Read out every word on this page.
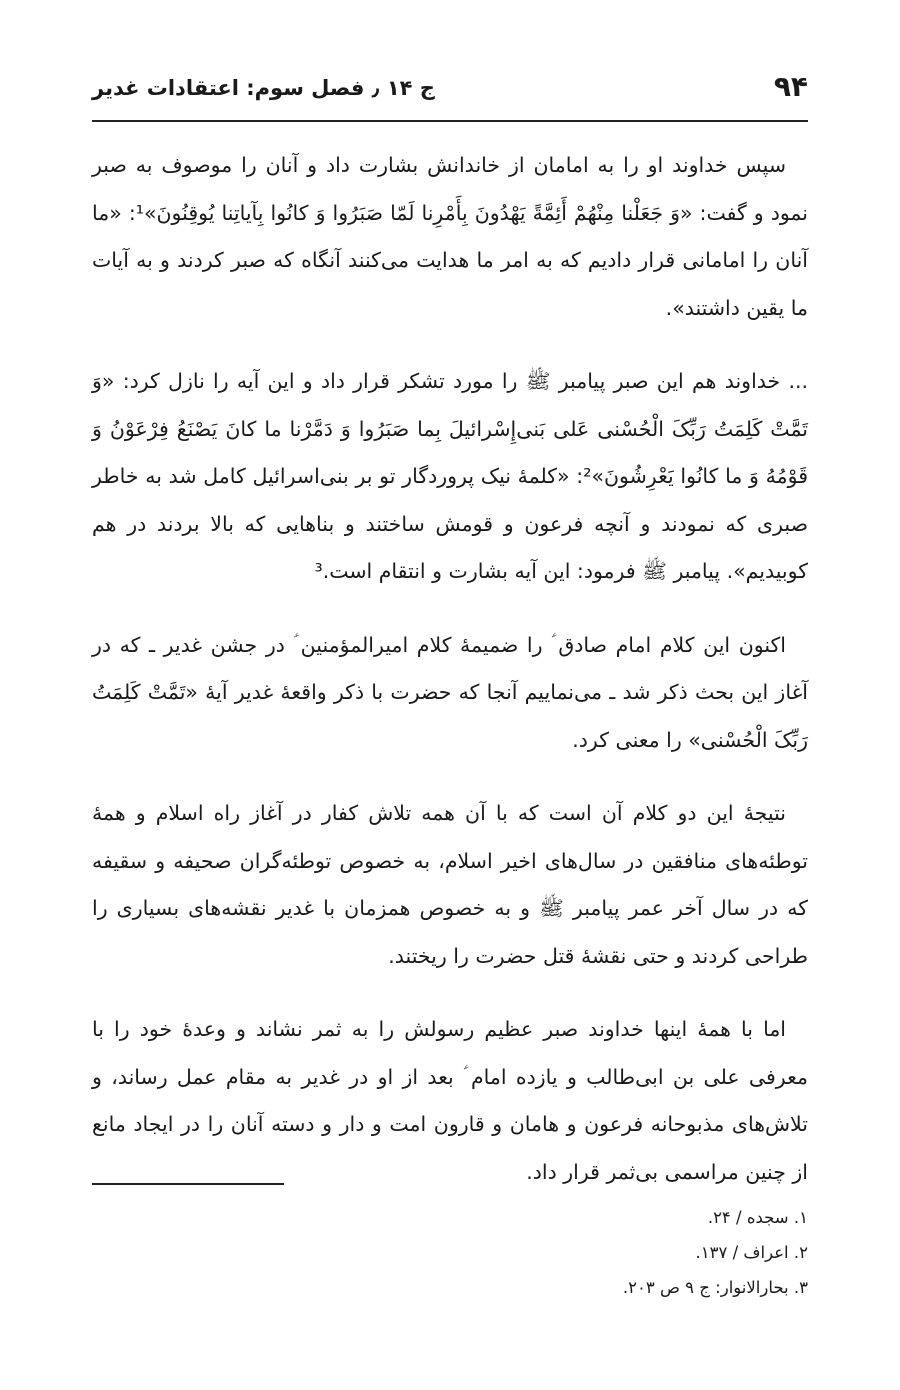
۹۴
ج ۱۴ ٫ فصل سوم: اعتقادات غدیر

سپس خداوند او را به امامان از خاندانش بشارت داد و آنان را موصوف به صبر نمود و گفت: «وَ جَعَلْنا مِنْهُمْ أَئِمَّةً یَهْدُونَ بِأَمْرِنا لَمّا صَبَرُوا وَ کانُوا بِآیاتِنا یُوقِنُونَ»¹: «ما آنان را امامانی قرار دادیم که به امر ما هدایت می‌کنند آنگاه که صبر کردند و به آیات ما یقین داشتند».

... خداوند هم این صبر پیامبر ﷺ را مورد تشکر قرار داد و این آیه را نازل کرد: «وَ تَمَّتْ کَلِمَتُ رَبِّکَ الْحُسْنی عَلی بَنی‌إِسْرائیلَ بِما صَبَرُوا وَ دَمَّرْنا ما کانَ یَصْنَعُ فِرْعَوْنُ وَ قَوْمُهُ وَ ما کانُوا یَعْرِشُونَ»²: «کلمهٔ نیک پروردگار تو بر بنی‌اسرائیل کامل شد به خاطر صبری که نمودند و آنچه فرعون و قومش ساختند و بناهایی که بالا بردند در هم کوبیدیم». پیامبر ﷺ فرمود: این آیه بشارت و انتقام است.³

اکنون این کلام امام صادق ؑ را ضمیمهٔ کلام امیرالمؤمنین ؑ در جشن غدیر ـ که در آغاز این بحث ذکر شد ـ می‌نماییم آنجا که حضرت با ذکر واقعهٔ غدیر آیهٔ «تَمَّتْ کَلِمَتُ رَبِّکَ الْحُسْنی» را معنی کرد.

نتیجهٔ این دو کلام آن است که با آن همه تلاش کفار در آغاز راه اسلام و همهٔ توطئه‌های منافقین در سال‌های اخیر اسلام، به خصوص توطئه‌گران صحیفه و سقیفه که در سال آخر عمر پیامبر ﷺ و به خصوص همزمان با غدیر نقشه‌های بسیاری را طراحی کردند و حتی نقشهٔ قتل حضرت را ریختند.

اما با همهٔ اینها خداوند صبر عظیم رسولش را به ثمر نشاند و وعدهٔ خود را با معرفی علی بن ابی‌طالب و یازده امام ؑ بعد از او در غدیر به مقام عمل رساند، و تلاش‌های مذبوحانه فرعون و هامان و قارون امت و دار و دسته آنان را در ایجاد مانع از چنین مراسمی بی‌ثمر قرار داد.

۱. سجده / ۲۴.

۲. اعراف / ۱۳۷.

۳. بحارالانوار: ج ۹ ص ۲۰۳.
